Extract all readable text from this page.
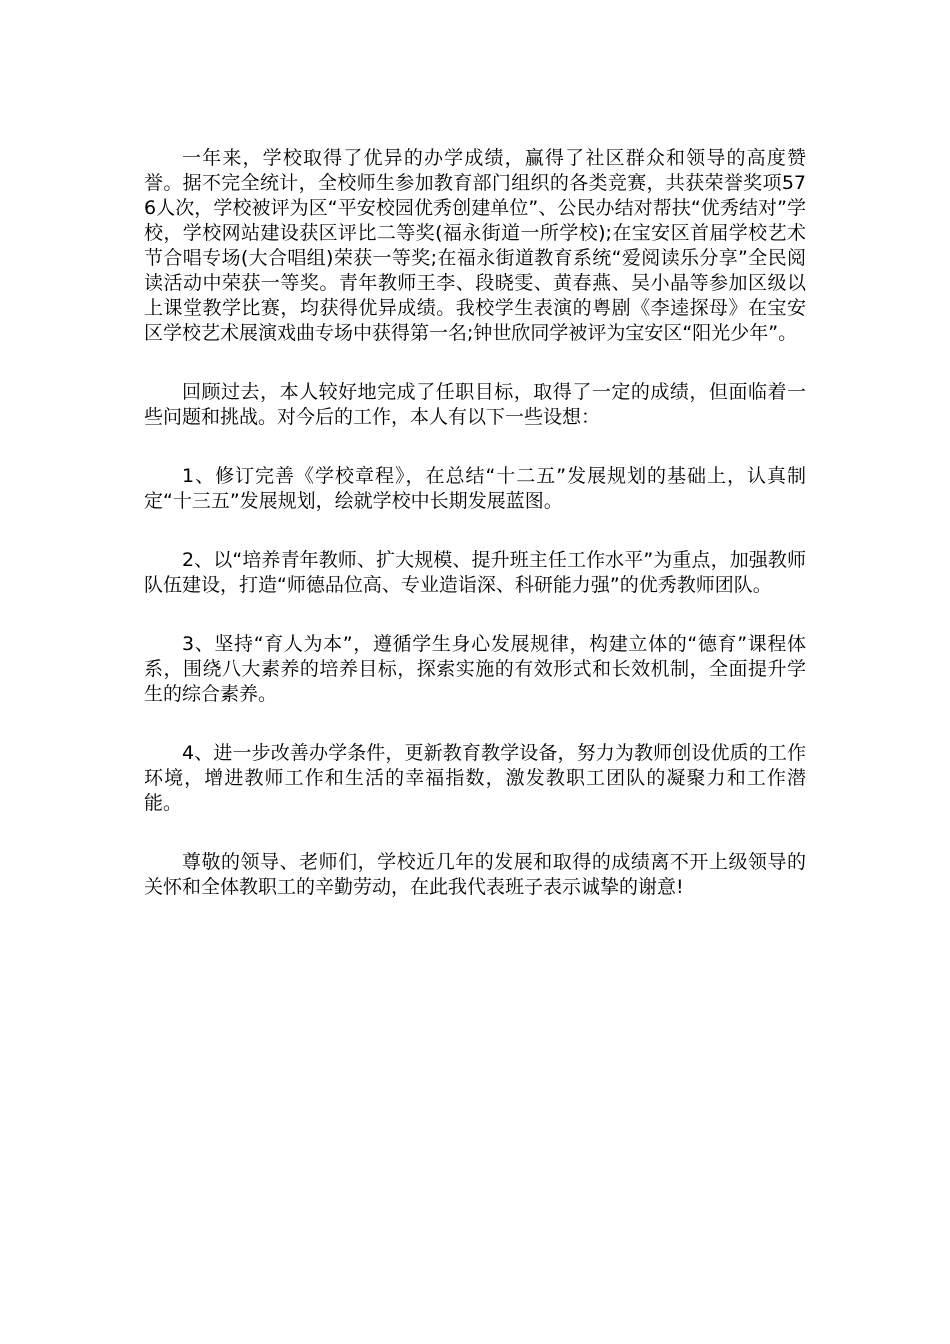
一年来，学校取得了优异的办学成绩，赢得了社区群众和领导的高度赞誉。据不完全统计，全校师生参加教育部门组织的各类竞赛，共获荣誉奖项576人次，学校被评为区“平安校园优秀创建单位”、公民办结对帮扶“优秀结对”学校，学校网站建设获区评比二等奖(福永街道一所学校);在宝安区首届学校艺术节合唱专场(大合唱组)荣获一等奖;在福永街道教育系统“爱阅读乐分享”全民阅读活动中荣获一等奖。青年教师王李、段晓雯、黄春燕、吴小晶等参加区级以上课堂教学比赛，均获得优异成绩。我校学生表演的粤剧《李逵探母》在宝安区学校艺术展演戏曲专场中获得第一名;钟世欣同学被评为宝安区“阳光少年”。

回顾过去，本人较好地完成了任职目标，取得了一定的成绩，但面临着一些问题和挑战。对今后的工作，本人有以下一些设想：

1、修订完善《学校章程》，在总结“十二五”发展规划的基础上，认真制定“十三五”发展规划，绘就学校中长期发展蓝图。

2、以“培养青年教师、扩大规模、提升班主任工作水平”为重点，加强教师队伍建设，打造“师德品位高、专业造诣深、科研能力强”的优秀教师团队。

3、坚持“育人为本”，遵循学生身心发展规律，构建立体的“德育”课程体系，围绕八大素养的培养目标，探索实施的有效形式和长效机制，全面提升学生的综合素养。

4、进一步改善办学条件，更新教育教学设备，努力为教师创设优质的工作环境，增进教师工作和生活的幸福指数，激发教职工团队的凝聚力和工作潜能。

尊敬的领导、老师们，学校近几年的发展和取得的成绩离不开上级领导的关怀和全体教职工的辛勤劳动，在此我代表班子表示诚挚的谢意!
